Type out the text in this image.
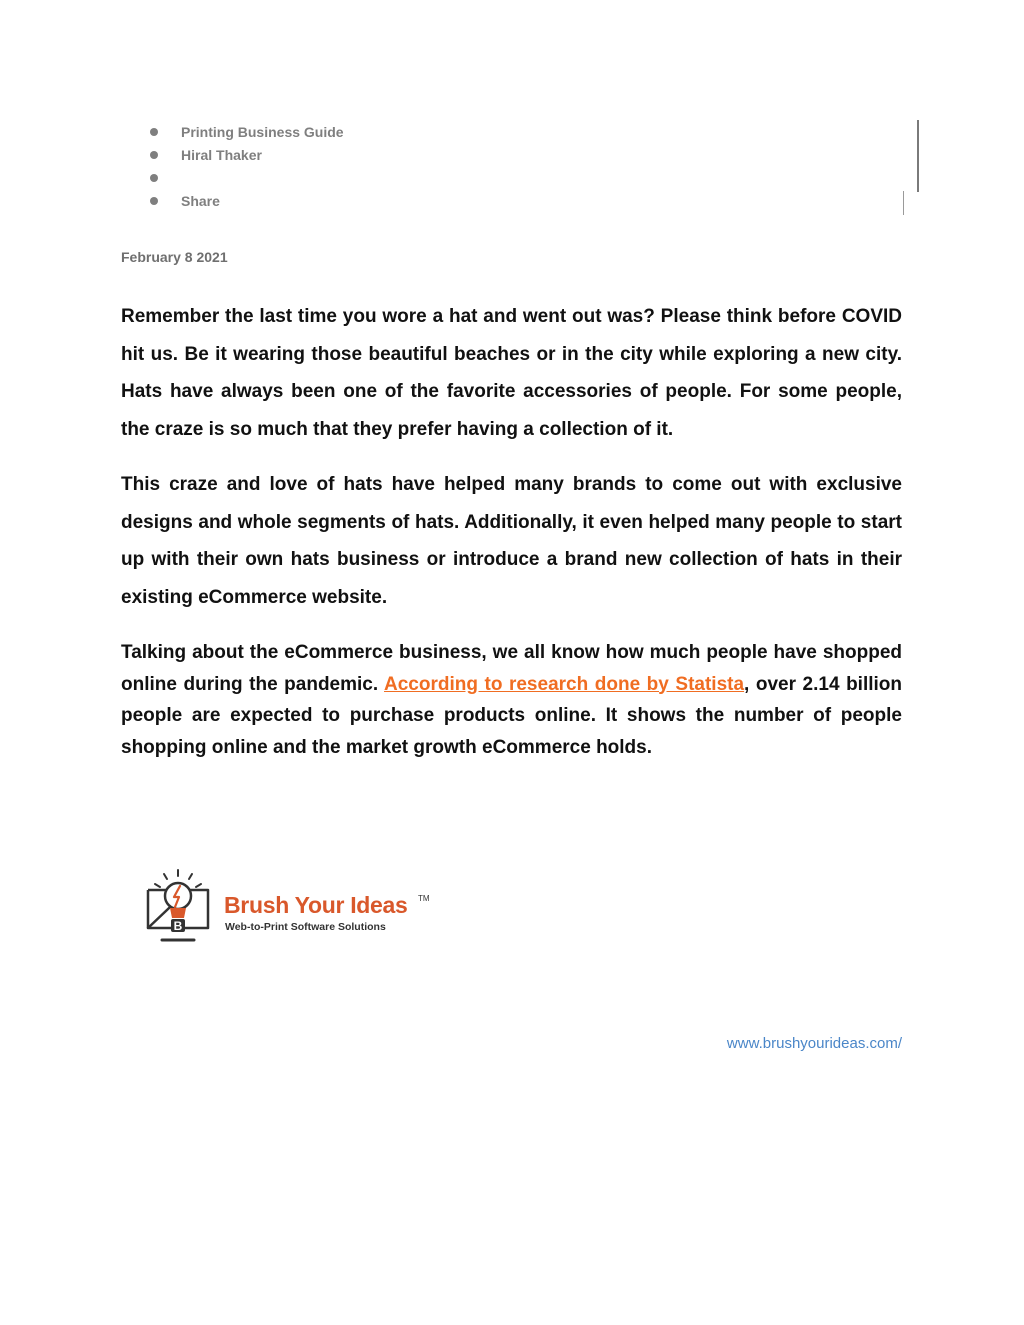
Printing Business Guide
Hiral Thaker
Share
February 8 2021

Remember the last time you wore a hat and went out was? Please think before COVID hit us. Be it wearing those beautiful beaches or in the city while exploring a new city. Hats have always been one of the favorite accessories of people. For some people, the craze is so much that they prefer having a collection of it.

This craze and love of hats have helped many brands to come out with exclusive designs and whole segments of hats. Additionally, it even helped many people to start up with their own hats business or introduce a brand new collection of hats in their existing eCommerce website.

Talking about the eCommerce business, we all know how much people have shopped online during the pandemic. According to research done by Statista, over 2.14 billion people are expected to purchase products online. It shows the number of people shopping online and the market growth eCommerce holds.

B
Brush Your Ideas TM
Web-to-Print Software Solutions
www.brushyourideas.com/
